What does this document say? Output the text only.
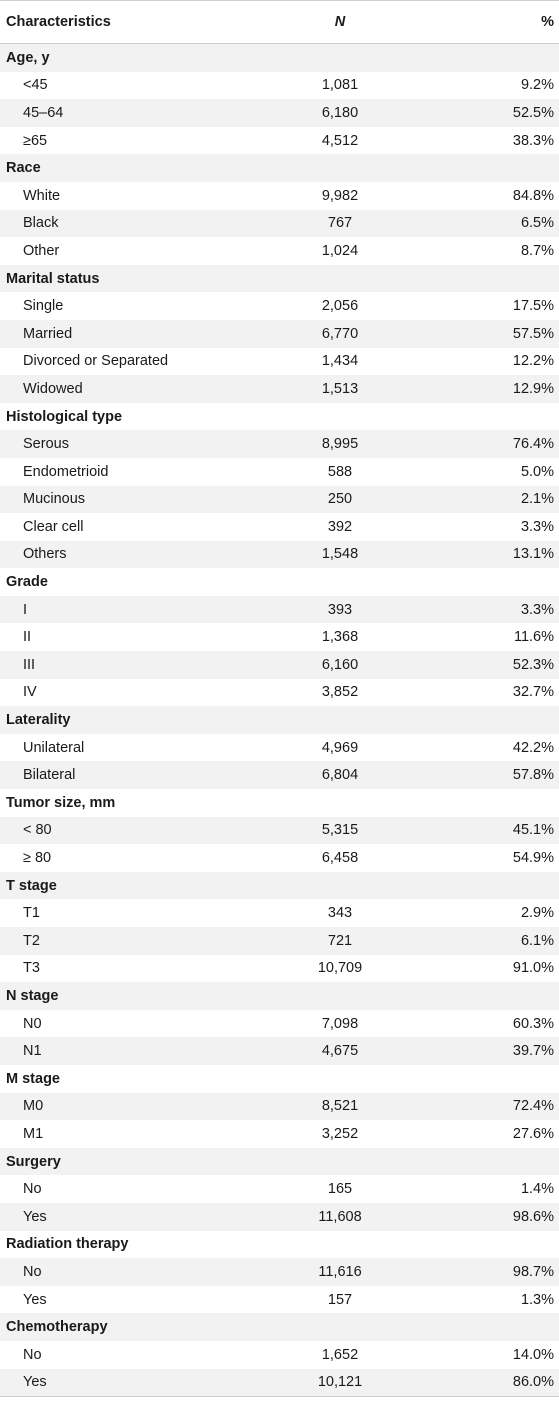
Characteristics	N	%
Age, y
<45	1,081	9.2%
45–64	6,180	52.5%
≥65	4,512	38.3%
Race
White	9,982	84.8%
Black	767	6.5%
Other	1,024	8.7%
Marital status
Single	2,056	17.5%
Married	6,770	57.5%
Divorced or Separated	1,434	12.2%
Widowed	1,513	12.9%
Histological type
Serous	8,995	76.4%
Endometrioid	588	5.0%
Mucinous	250	2.1%
Clear cell	392	3.3%
Others	1,548	13.1%
Grade
I	393	3.3%
II	1,368	11.6%
III	6,160	52.3%
IV	3,852	32.7%
Laterality
Unilateral	4,969	42.2%
Bilateral	6,804	57.8%
Tumor size, mm
< 80	5,315	45.1%
≥ 80	6,458	54.9%
T stage
T1	343	2.9%
T2	721	6.1%
T3	10,709	91.0%
N stage
N0	7,098	60.3%
N1	4,675	39.7%
M stage
M0	8,521	72.4%
M1	3,252	27.6%
Surgery
No	165	1.4%
Yes	11,608	98.6%
Radiation therapy
No	11,616	98.7%
Yes	157	1.3%
Chemotherapy
No	1,652	14.0%
Yes	10,121	86.0%
